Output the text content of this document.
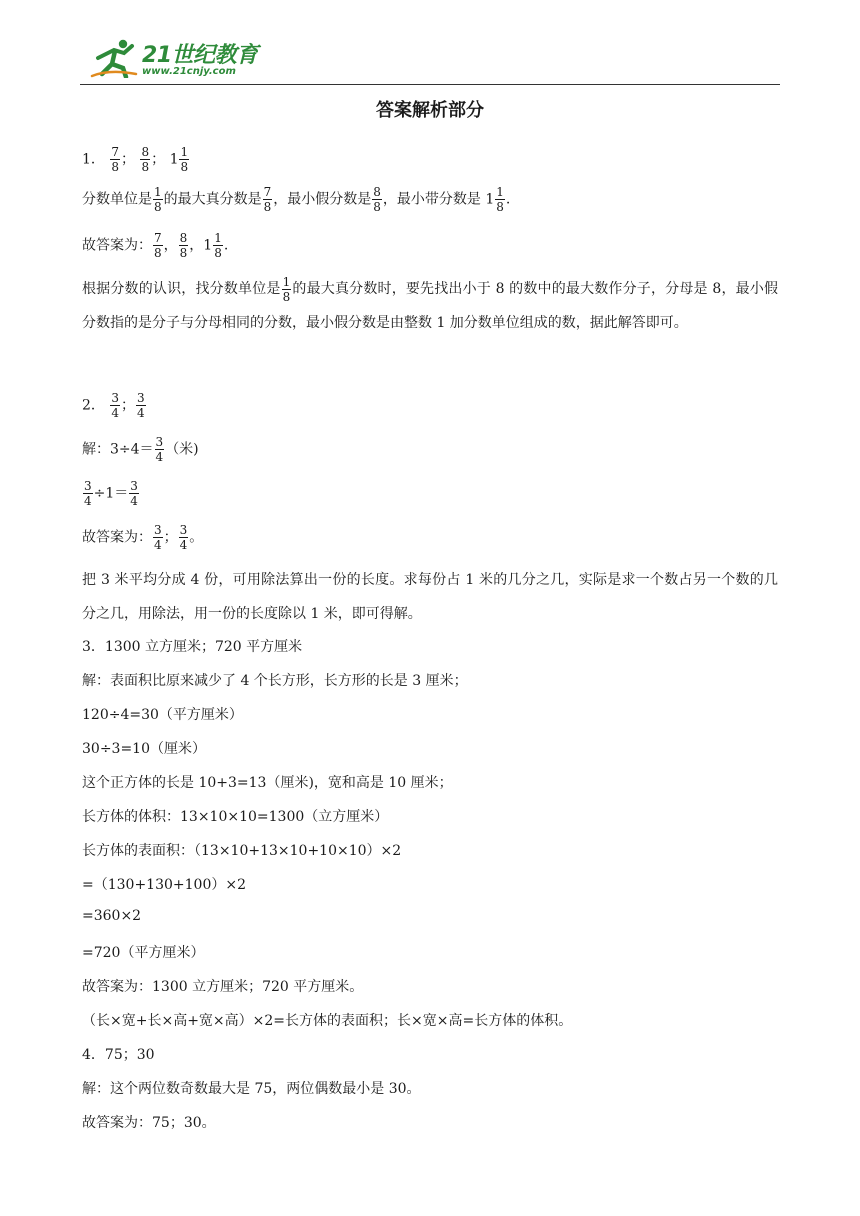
21世纪教育
www.21cnjy.com
答案解析部分
1． $\frac{7}{8}$ ； $\frac{8}{8}$ ； $1 \frac{1}{8}$
分数单位是 $\frac{1}{8}$ 的最大真分数是 $\frac{7}{8}$ ，最小假分数是 $\frac{8}{8}$ ，最小带分数是 $1 \frac{1}{8}$ .
故答案为： $\frac{7}{8}$ ， $\frac{8}{8}$ ，$1 \frac{1}{8}$ .
根据分数的认识，找分数单位是 $\frac{1}{8}$ 的最大真分数时，要先找出小于 8 的数中的最大数作分子，分母是 8，最小假分数指的是分子与分母相同的分数，最小假分数是由整数 1 加分数单位组成的数，据此解答即可。
2． $\frac{3}{4}$ ； $\frac{3}{4}$
解：$3\div 4= \frac{3}{4}$ （米)
$\frac{3}{4} \div 1= \frac{3}{4}$
故答案为： $\frac{3}{4}$ ； $\frac{3}{4}$ 。
把 3 米平均分成 4 份，可用除法算出一份的长度。求每份占 1 米的几分之几，实际是求一个数占另一个数的几分之几，用除法，用一份的长度除以 1 米，即可得解。
3．1300 立方厘米；720 平方厘米
解：表面积比原来减少了 4 个长方形，长方形的长是 3 厘米；
120÷4=30（平方厘米）
30÷3=10（厘米）
这个正方体的长是 10+3=13（厘米)，宽和高是 10 厘米；
长方体的体积：13×10×10=1300（立方厘米）
长方体的表面积：（13×10+13×10+10×10）×2
=（130+130+100）×2
=360×2
=720（平方厘米）
故答案为：1300 立方厘米；720 平方厘米。
（长×宽+长×高+宽×高）×2=长方体的表面积；长×宽×高=长方体的体积。
4．75；30
解：这个两位数奇数最大是 75，两位偶数最小是 30。
故答案为：75；30。
